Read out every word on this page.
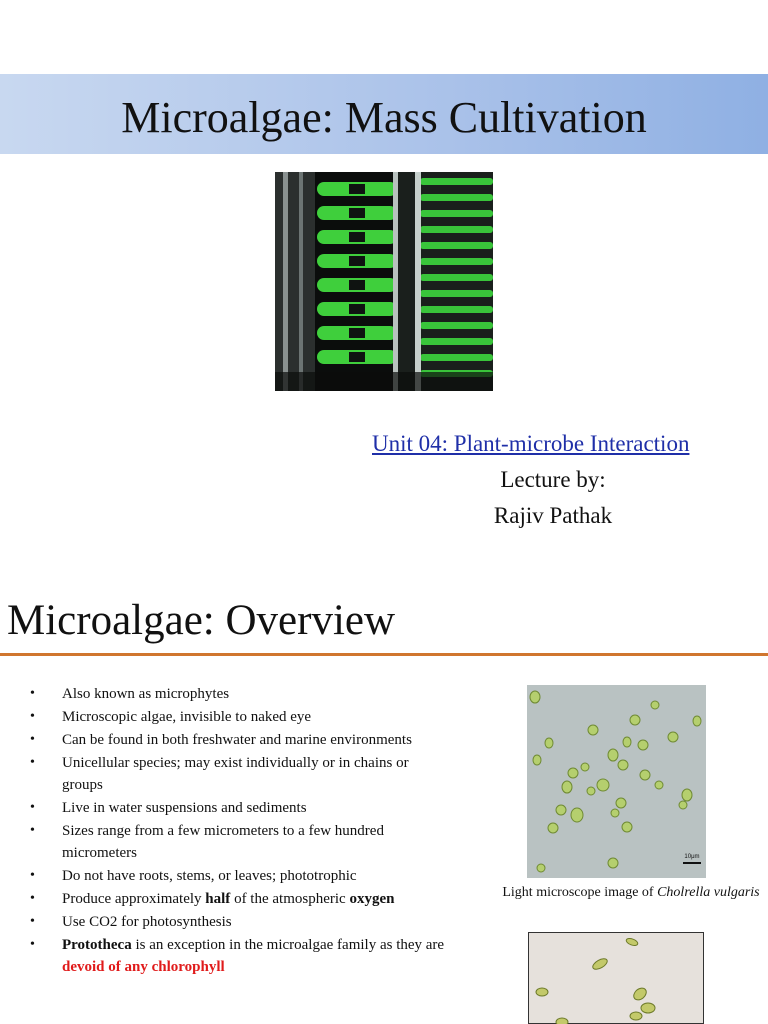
Microalgae: Mass Cultivation
Unit 04: Plant-microbe Interaction
Lecture by:
Rajiv Pathak
Microalgae: Overview
• Also known as microphytes
• Microscopic algae, invisible to naked eye
• Can be found in both freshwater and marine environments
• Unicellular species; may exist individually or in chains or groups
• Live in water suspensions and sediments
• Sizes range from a few micrometers to a few hundred micrometers
• Do not have roots, stems, or leaves; phototrophic
• Produce approximately half of the atmospheric oxygen
• Use CO2 for photosynthesis
• Prototheca is an exception in the microalgae family as they are devoid of any chlorophyll
10μm
Light microscope image of Cholrella vulgaris
